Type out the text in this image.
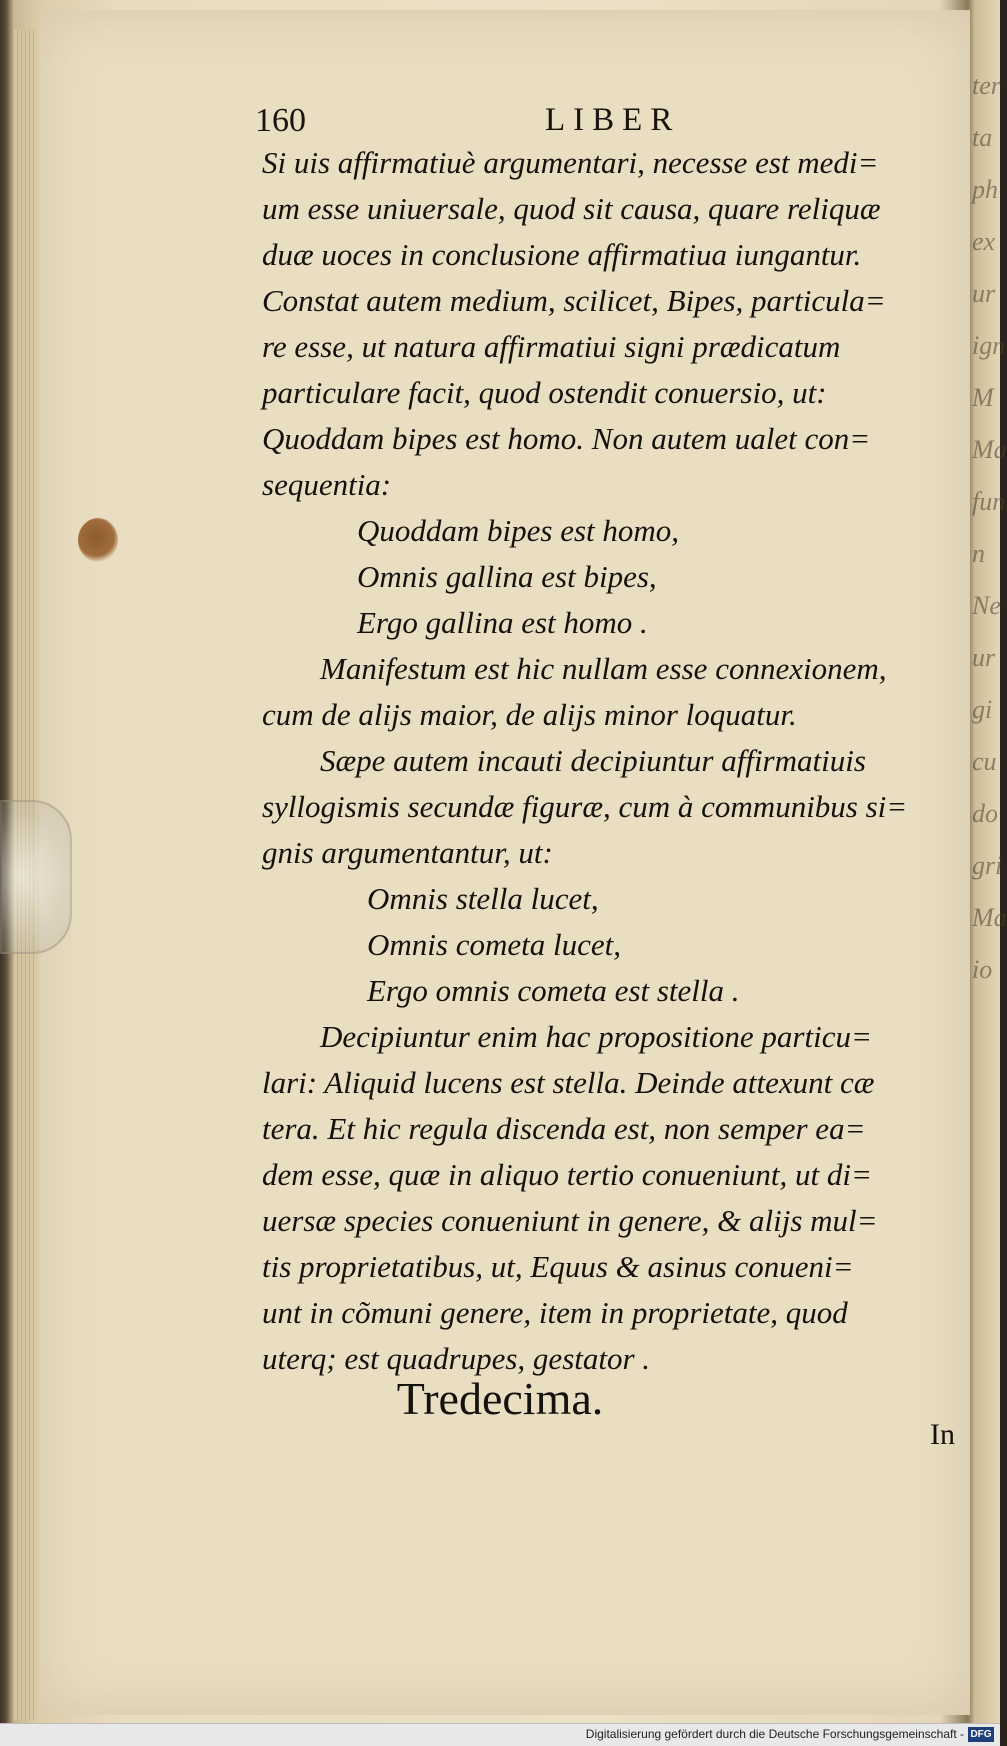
ter
ta
ph
ex
ur
ign
M
Ma
fun
n
Ne
ur
gi
cu
do
gri
Ma
io
160	LIBER
Si uis affirmatiuè argumentari, necesse est medi=
um esse uniuersale, quod sit causa, quare reliquæ
duæ uoces in conclusione affirmatiua iungantur.
Constat autem medium, scilicet, Bipes, particula=
re esse, ut natura affirmatiui signi prædicatum
particulare facit, quod ostendit conuersio, ut:
Quoddam bipes est homo. Non autem ualet con=
sequentia:
Quoddam bipes est homo,
Omnis gallina est bipes,
Ergo gallina est homo .
Manifestum est hic nullam esse connexionem,
cum de alijs maior, de alijs minor loquatur.
Sæpe autem incauti decipiuntur affirmatiuis
syllogismis secundæ figuræ, cum à communibus si=
gnis argumentantur, ut:
Omnis stella lucet,
Omnis cometa lucet,
Ergo omnis cometa est stella .
Decipiuntur enim hac propositione particu=
lari: Aliquid lucens est stella. Deinde attexunt cæ
tera. Et hic regula discenda est, non semper ea=
dem esse, quæ in aliquo tertio conueniunt, ut di=
uersæ species conueniunt in genere, & alijs mul=
tis proprietatibus, ut, Equus & asinus conueni=
unt in cõmuni genere, item in proprietate, quod
uterq; est quadrupes, gestator .
Tredecima.
In
Digitalisierung gefördert durch die Deutsche Forschungsgemeinschaft - DFG
